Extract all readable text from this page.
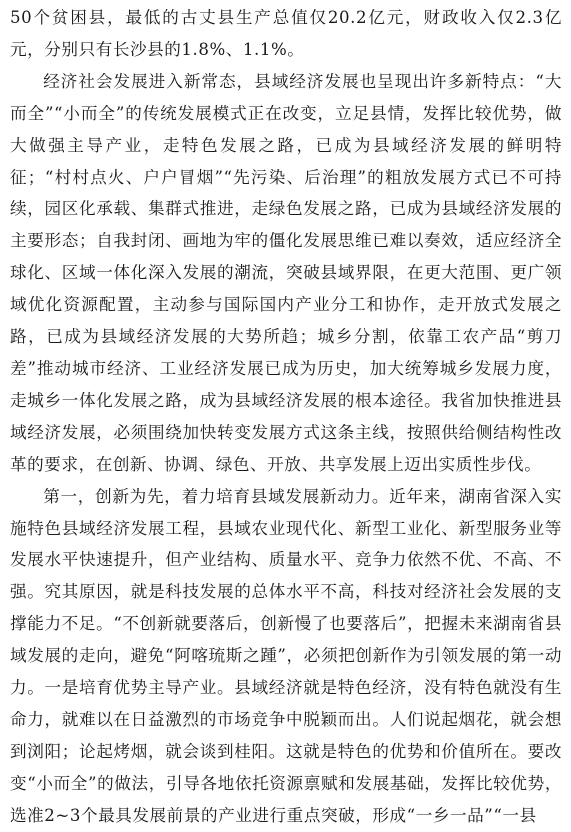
50个贫困县，最低的古丈县生产总值仅20.2亿元，财政收入仅2.3亿元，分别只有长沙县的1.8%、1.1%。

经济社会发展进入新常态，县域经济发展也呈现出许多新特点：“大而全”“小而全”的传统发展模式正在改变，立足县情，发挥比较优势，做大做强主导产业，走特色发展之路，已成为县域经济发展的鲜明特征；“村村点火、户户冒烟”“先污染、后治理”的粗放发展方式已不可持续，园区化承载、集群式推进，走绿色发展之路，已成为县域经济发展的主要形态；自我封闭、画地为牢的僵化发展思维已难以奏效，适应经济全球化、区域一体化深入发展的潮流，突破县域界限，在更大范围、更广领域优化资源配置，主动参与国际国内产业分工和协作，走开放式发展之路，已成为县域经济发展的大势所趋；城乡分割，依靠工农产品“剪刀差”推动城市经济、工业经济发展已成为历史，加大统筹城乡发展力度，走城乡一体化发展之路，成为县域经济发展的根本途径。我省加快推进县域经济发展，必须围绕加快转变发展方式这条主线，按照供给侧结构性改革的要求，在创新、协调、绿色、开放、共享发展上迈出实质性步伐。

第一，创新为先，着力培育县域发展新动力。近年来，湖南省深入实施特色县域经济发展工程，县域农业现代化、新型工业化、新型服务业等发展水平快速提升，但产业结构、质量水平、竞争力依然不优、不高、不强。究其原因，就是科技发展的总体水平不高，科技对经济社会发展的支撑能力不足。“不创新就要落后，创新慢了也要落后”，把握未来湖南省县域发展的走向，避免“阿喀琉斯之踵”，必须把创新作为引领发展的第一动力。一是培育优势主导产业。县域经济就是特色经济，没有特色就没有生命力，就难以在日益激烈的市场竞争中脱颖而出。人们说起烟花，就会想到浏阳；论起烤烟，就会谈到桂阳。这就是特色的优势和价值所在。要改变“小而全”的做法，引导各地依托资源禀赋和发展基础，发挥比较优势，选准2~3个最具发展前景的产业进行重点突破，形成“一乡一品”“一县
